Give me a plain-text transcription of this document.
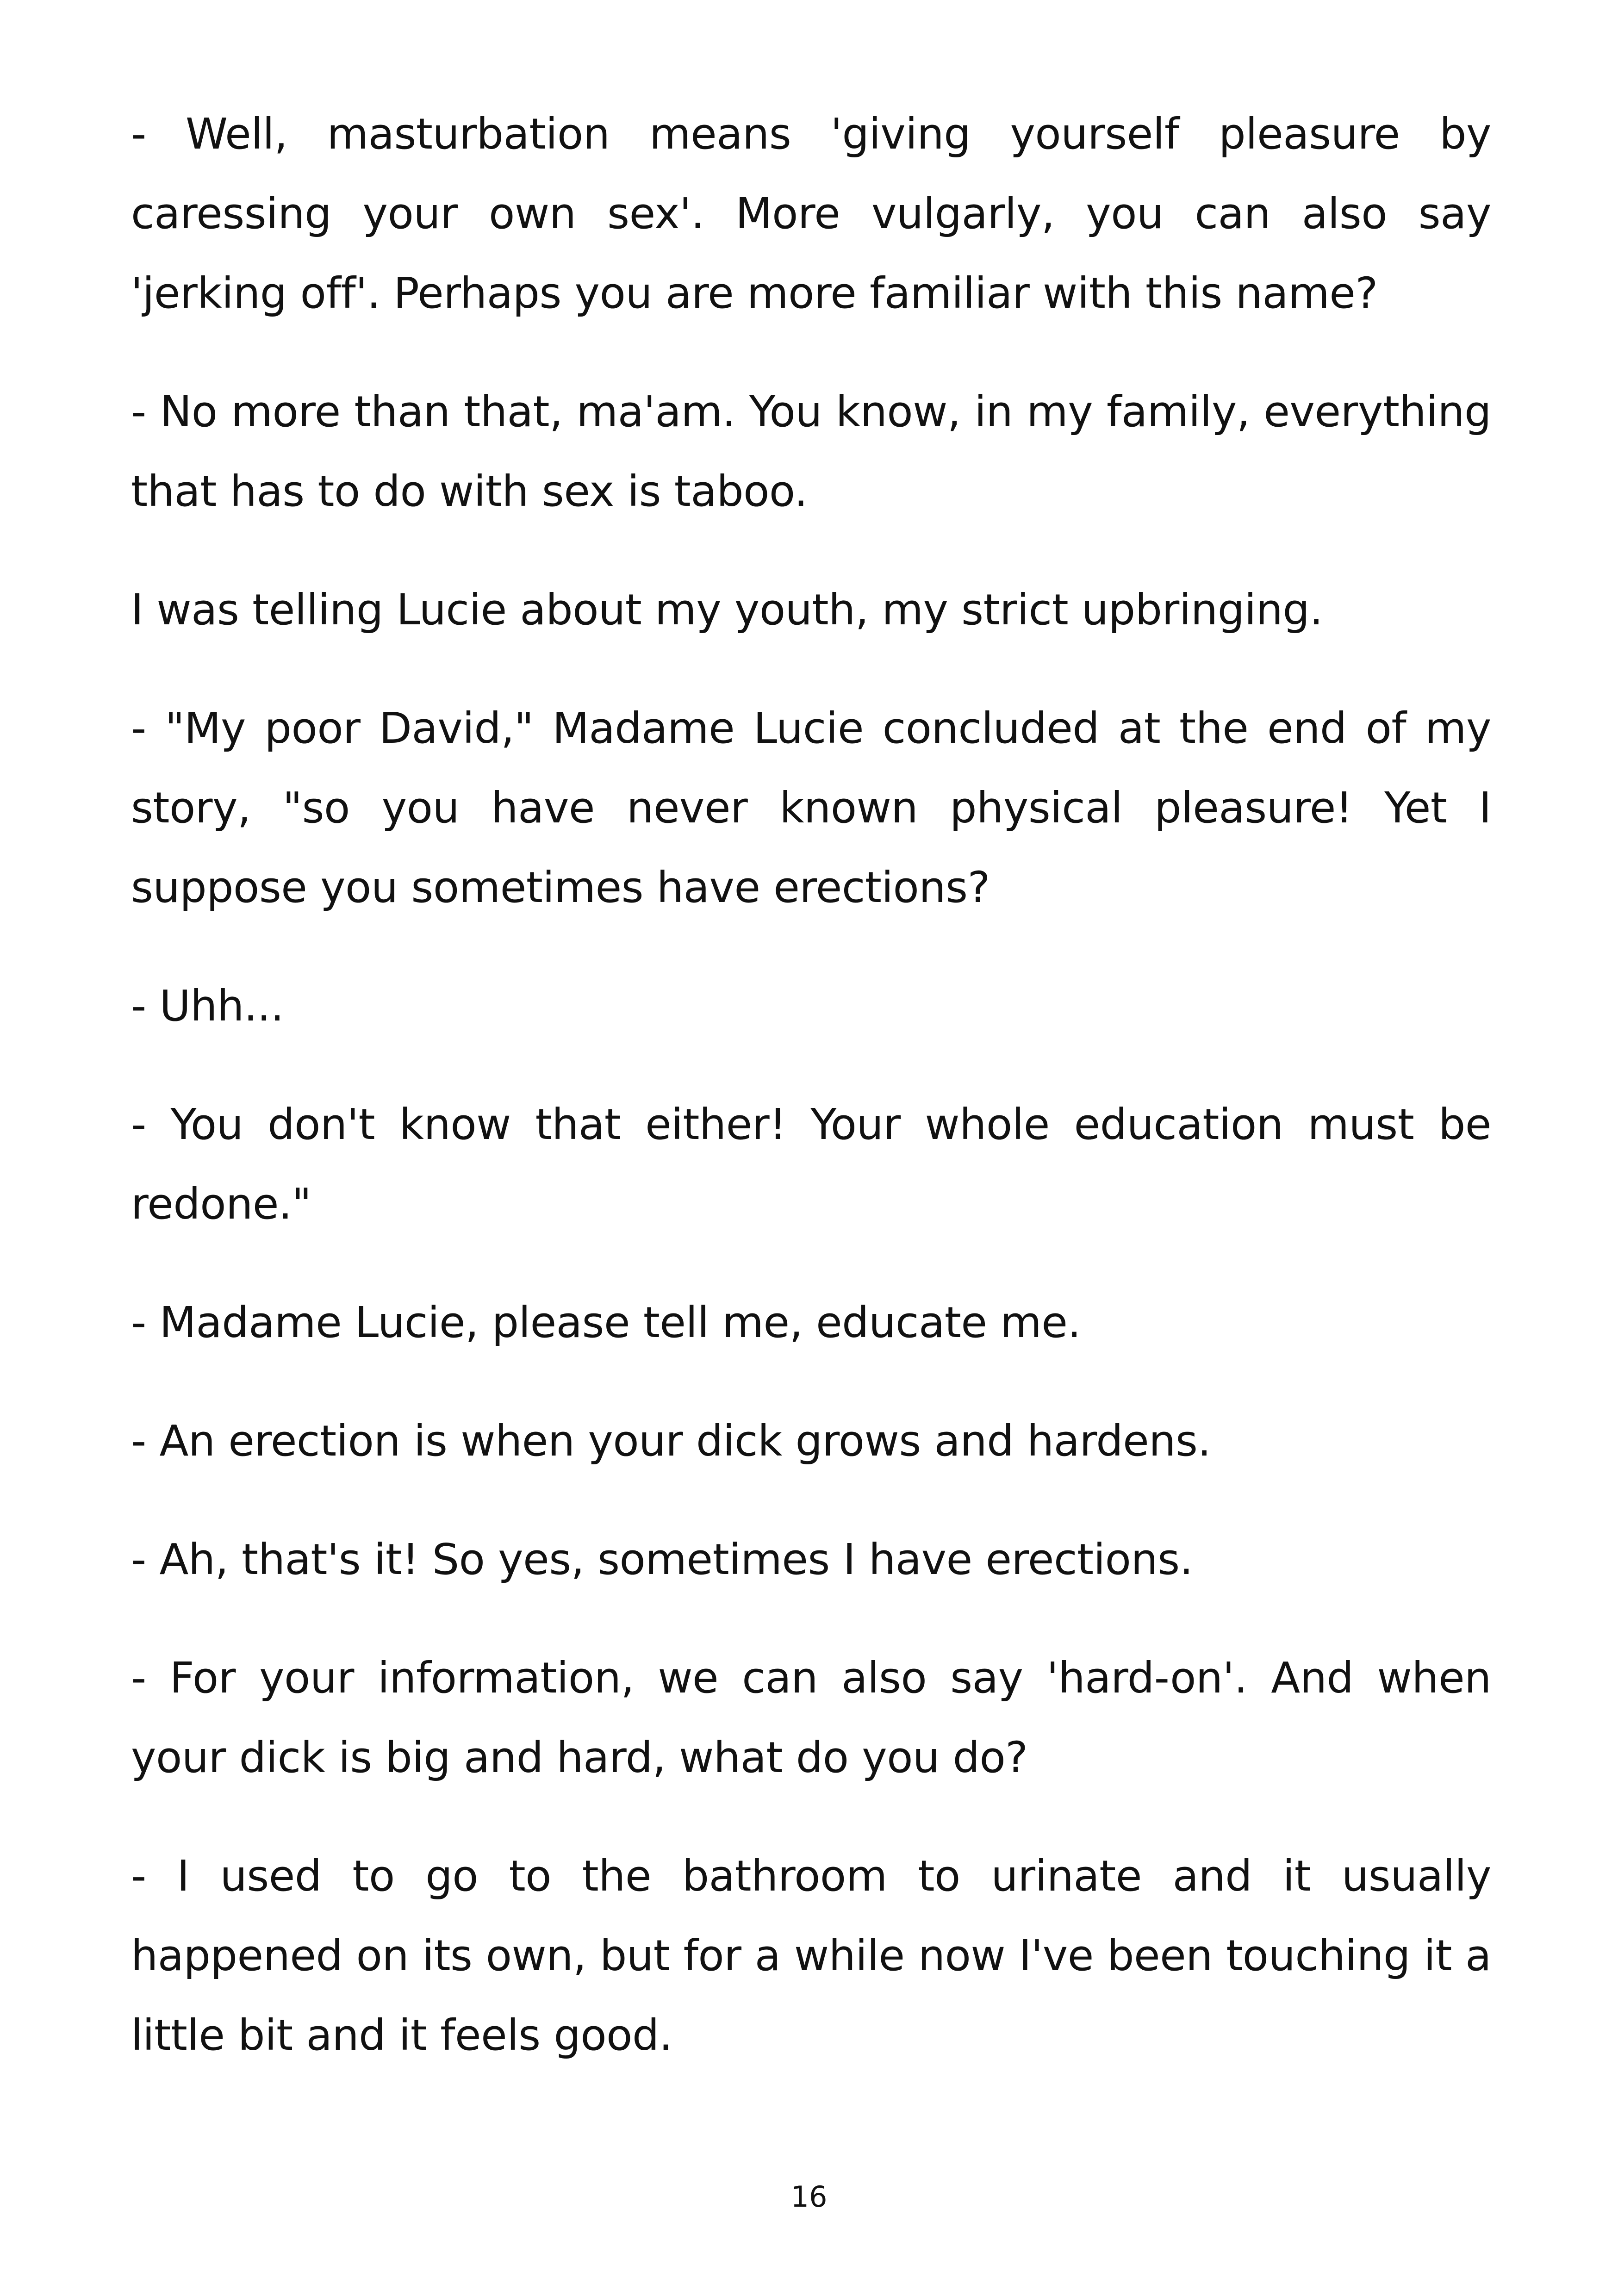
- Well, masturbation means 'giving yourself pleasure by caressing your own sex'. More vulgarly, you can also say 'jerking off'. Perhaps you are more familiar with this name?

- No more than that, ma'am. You know, in my family, everything that has to do with sex is taboo.

I was telling Lucie about my youth, my strict upbringing.

- "My poor David," Madame Lucie concluded at the end of my story, "so you have never known physical pleasure! Yet I suppose you sometimes have erections?

- Uhh...

- You don't know that either! Your whole education must be redone."

- Madame Lucie, please tell me, educate me.

- An erection is when your dick grows and hardens.

- Ah, that's it! So yes, sometimes I have erections.

- For your information, we can also say 'hard-on'. And when your dick is big and hard, what do you do?

- I used to go to the bathroom to urinate and it usually happened on its own, but for a while now I've been touching it a little bit and it feels good.

16
